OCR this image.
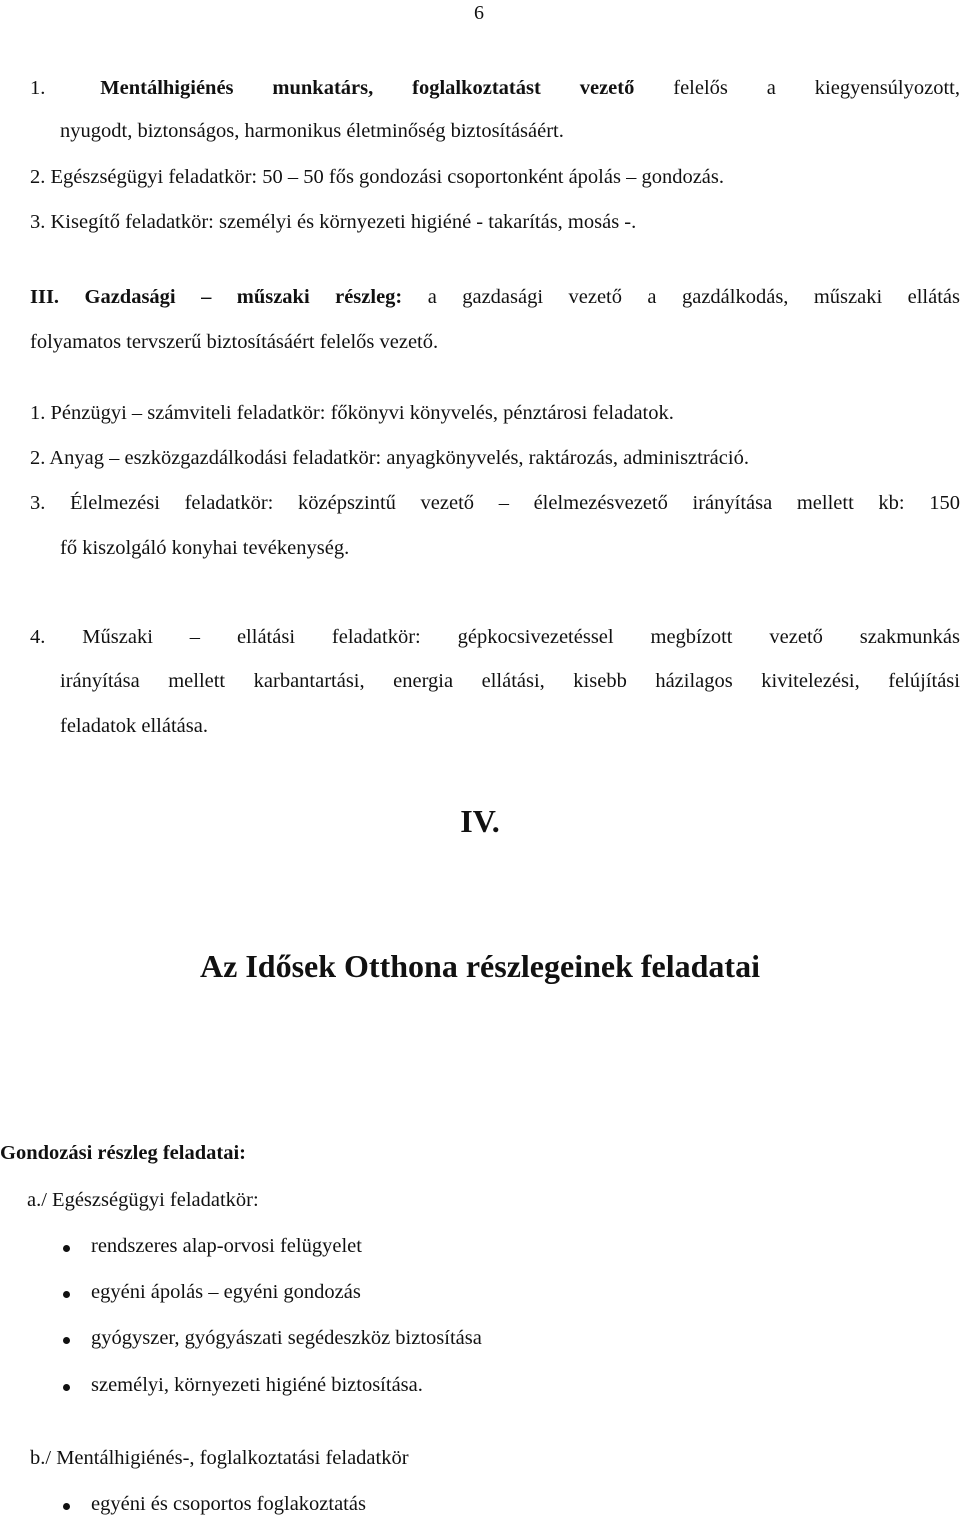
6
1.	Mentálhigiénés munkatárs, foglalkoztatást vezető felelős a kiegyensúlyozott,
nyugodt, biztonságos, harmonikus életminőség biztosításáért.
2. Egészségügyi feladatkör: 50 – 50 fős gondozási csoportonként ápolás – gondozás.
3. Kisegítő feladatkör: személyi és környezeti higiéné - takarítás, mosás -.
III. Gazdasági – műszaki részleg: a gazdasági vezető a gazdálkodás, műszaki ellátás
folyamatos tervszerű biztosításáért felelős vezető.
1. Pénzügyi – számviteli feladatkör: főkönyvi könyvelés, pénztárosi feladatok.
2. Anyag – eszközgazdálkodási feladatkör: anyagkönyvelés, raktározás, adminisztráció.
3. Élelmezési feladatkör: középszintű vezető – élelmezésvezető irányítása mellett kb: 150
fő kiszolgáló konyhai tevékenység.
4. Műszaki – ellátási feladatkör: gépkocsivezetéssel megbízott vezető szakmunkás
irányítása mellett karbantartási, energia ellátási, kisebb házilagos kivitelezési, felújítási
feladatok ellátása.
IV.
Az Idősek Otthona részlegeinek feladatai
Gondozási részleg feladatai:
a./ Egészségügyi feladatkör:
rendszeres alap-orvosi felügyelet
egyéni ápolás – egyéni gondozás
gyógyszer, gyógyászati segédeszköz biztosítása
személyi, környezeti higiéné biztosítása.
b./ Mentálhigiénés-, foglalkoztatási feladatkör
egyéni és csoportos foglakoztatás
